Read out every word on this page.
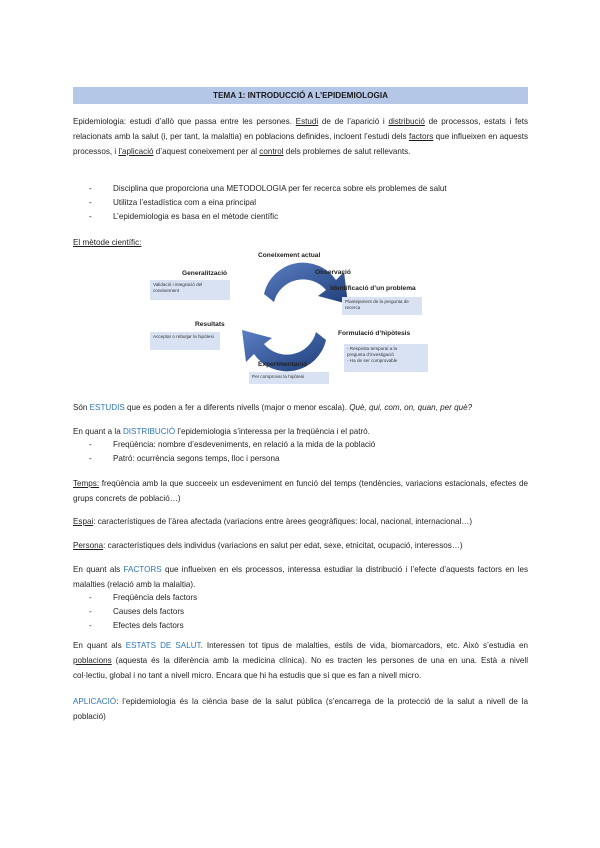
TEMA 1: INTRODUCCIÓ A L’EPIDEMIOLOGIA
Epidemiologia: estudi d’allò que passa entre les persones. Estudi de de l’aparició i distribució de processos, estats i fets relacionats amb la salut (i, per tant, la malaltia) en poblacions definides, incloent l’estudi dels factors que influeixen en aquests processos, i l’aplicació d’aquest coneixement per al control dels problemes de salut rellevants.
-	Disciplina que proporciona una METODOLOGIA per fer recerca sobre els problemes de salut
-	Utilitza l’estadística com a eina principal
-	L’epidemiologia es basa en el mètode científic
El mètode científic:
Coneixement actual
Observació
Identificació d’un problema
Plantejament de la pregunta de recerca
Formulació d’hipòtesis
- Resposta temporal a la
pregunta d’investigació
- Ha de ser comprovable
Experimentació
Per comprovar la hipòtesi
Resultats
Acceptar o rebutjar la hipòtesi
Generalització
Validació i integració del coneixement
Són ESTUDIS que es poden a fer a diferents nivells (major o menor escala). Què, qui, com, on, quan, per què?
En quant a la DISTRIBUCIÓ l’epidemiologia s’interessa per la freqüència i el patró.
-	Freqüència: nombre d’esdeveniments, en relació a la mida de la població
-	Patró: ocurrència segons temps, lloc i persona
Temps: freqüència amb la que succeeix un esdeveniment en funció del temps (tendències, variacions estacionals, efectes de grups concrets de població…)
Espai: característiques de l’àrea afectada (variacions entre àrees geogràfiques: local, nacional, internacional…)
Persona: característiques dels individus (variacions en salut per edat, sexe, etnicitat, ocupació, interessos…)
En quant als FACTORS que influeixen en els processos, interessa estudiar la distribució i l’efecte d’aquests factors en les malalties (relació amb la malaltia).
-	Freqüència dels factors
-	Causes dels factors
-	Efectes dels factors
En quant als ESTATS DE SALUT. Interessen tot tipus de malalties, estils de vida, biomarcadors, etc. Això s’estudia en poblacions (aquesta és la diferència amb la medicina clínica). No es tracten les persones de una en una. Està a nivell col·lectiu, global i no tant a nivell micro. Encara que hi ha estudis que sí que es fan a nivell micro.
APLICACIÓ: l’epidemiologia és la ciència base de la salut pública (s’encarrega de la protecció de la salut a nivell de la població)
